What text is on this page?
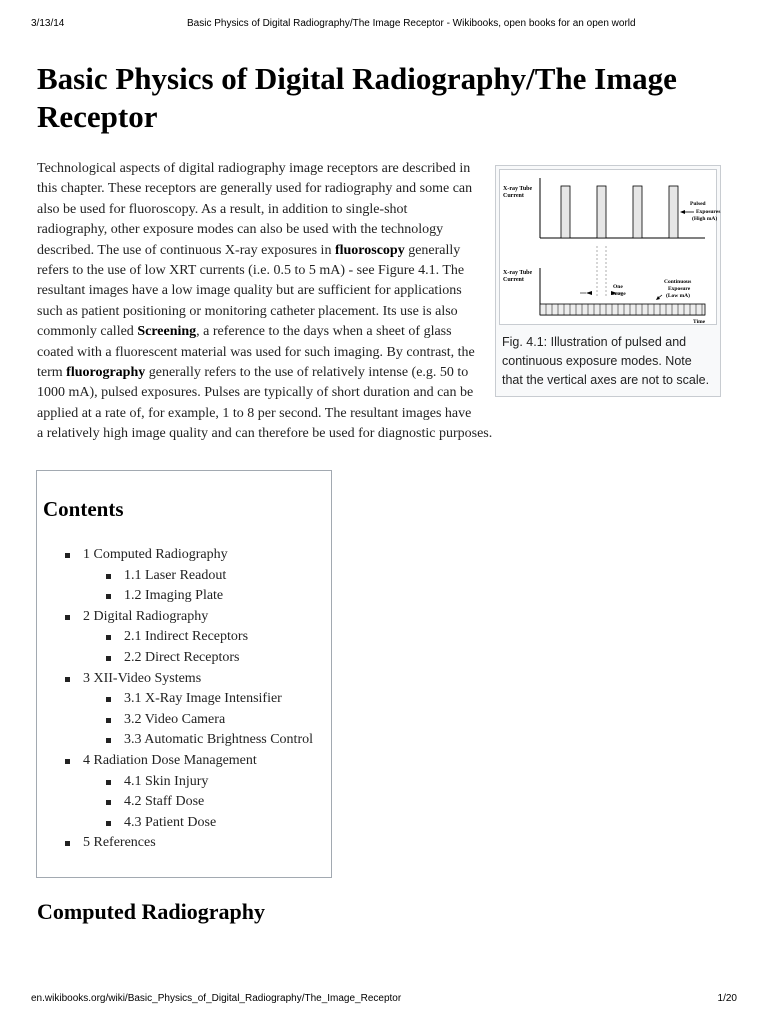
3/13/14	Basic Physics of Digital Radiography/The Image Receptor - Wikibooks, open books for an open world
Basic Physics of Digital Radiography/The Image Receptor
X-ray Tube
Current
Pulsed
Exposures
(High mA)
X-ray Tube
Current
One
Image
Continuous
Exposure
(Low mA)
Time
Fig. 4.1: Illustration of pulsed and continuous exposure modes. Note that the vertical axes are not to scale.
Technological aspects of digital radiography image receptors are described in this chapter. These receptors are generally used for radiography and some can also be used for fluoroscopy. As a result, in addition to single-shot radiography, other exposure modes can also be used with the technology described. The use of continuous X-ray exposures in fluoroscopy generally refers to the use of low XRT currents (i.e. 0.5 to 5 mA) - see Figure 4.1. The resultant images have a low image quality but are sufficient for applications such as patient positioning or monitoring catheter placement. Its use is also commonly called Screening, a reference to the days when a sheet of glass coated with a fluorescent material was used for such imaging. By contrast, the term fluorography generally refers to the use of relatively intense (e.g. 50 to 1000 mA), pulsed exposures. Pulses are typically of short duration and can be applied at a rate of, for example, 1 to 8 per second. The resultant images have a relatively high image quality and can therefore be used for diagnostic purposes.
Contents
1 Computed Radiography
1.1 Laser Readout
1.2 Imaging Plate
2 Digital Radiography
2.1 Indirect Receptors
2.2 Direct Receptors
3 XII-Video Systems
3.1 X-Ray Image Intensifier
3.2 Video Camera
3.3 Automatic Brightness Control
4 Radiation Dose Management
4.1 Skin Injury
4.2 Staff Dose
4.3 Patient Dose
5 References
Computed Radiography
en.wikibooks.org/wiki/Basic_Physics_of_Digital_Radiography/The_Image_Receptor	1/20
